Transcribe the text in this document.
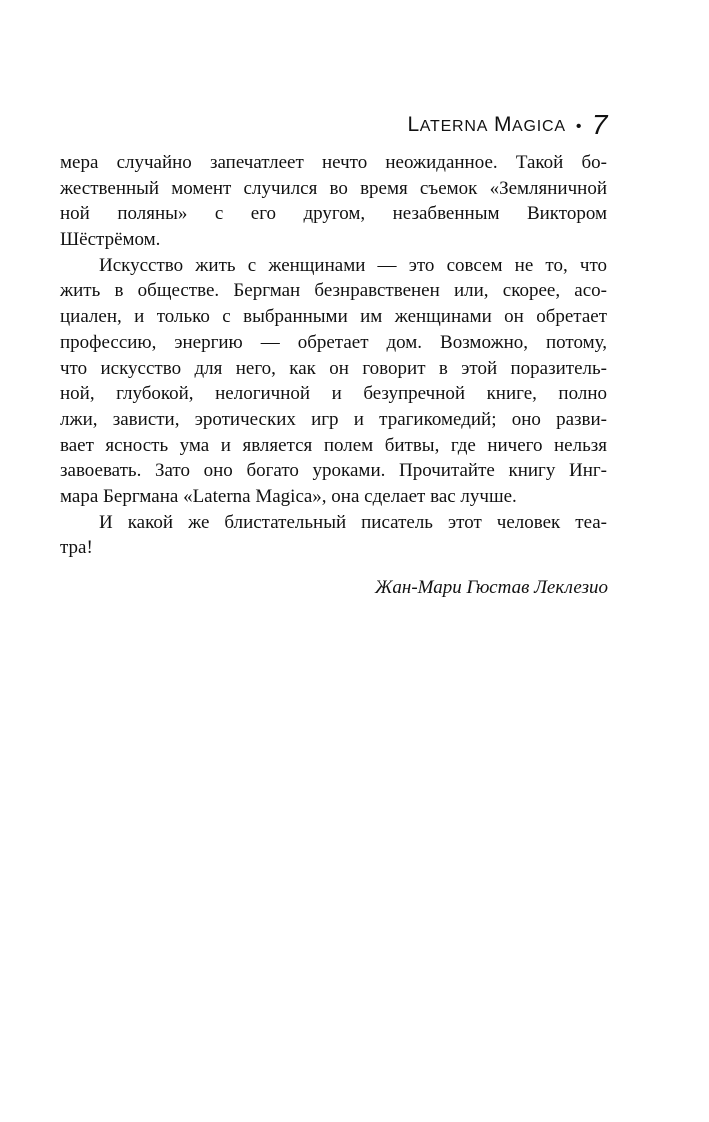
LATERNA MAGICA • 7
мера случайно запечатлеет нечто неожиданное. Такой бо-
жественный момент случился во время съемок «Земляничной
ной поляны» с его другом, незабвенным Виктором
Шёстрёмом.
Искусство жить с женщинами — это совсем не то, что
жить в обществе. Бергман безнравственен или, скорее, асо-
циален, и только с выбранными им женщинами он обретает
профессию, энергию — обретает дом. Возможно, потому,
что искусство для него, как он говорит в этой поразитель-
ной, глубокой, нелогичной и безупречной книге, полно
лжи, зависти, эротических игр и трагикомедий; оно разви-
вает ясность ума и является полем битвы, где ничего нельзя
завоевать. Зато оно богато уроками. Прочитайте книгу Инг-
мара Бергмана «Laterna Magica», она сделает вас лучше.
И какой же блистательный писатель этот человек теа-
тра!
Жан-Мари Гюстав Леклезио
